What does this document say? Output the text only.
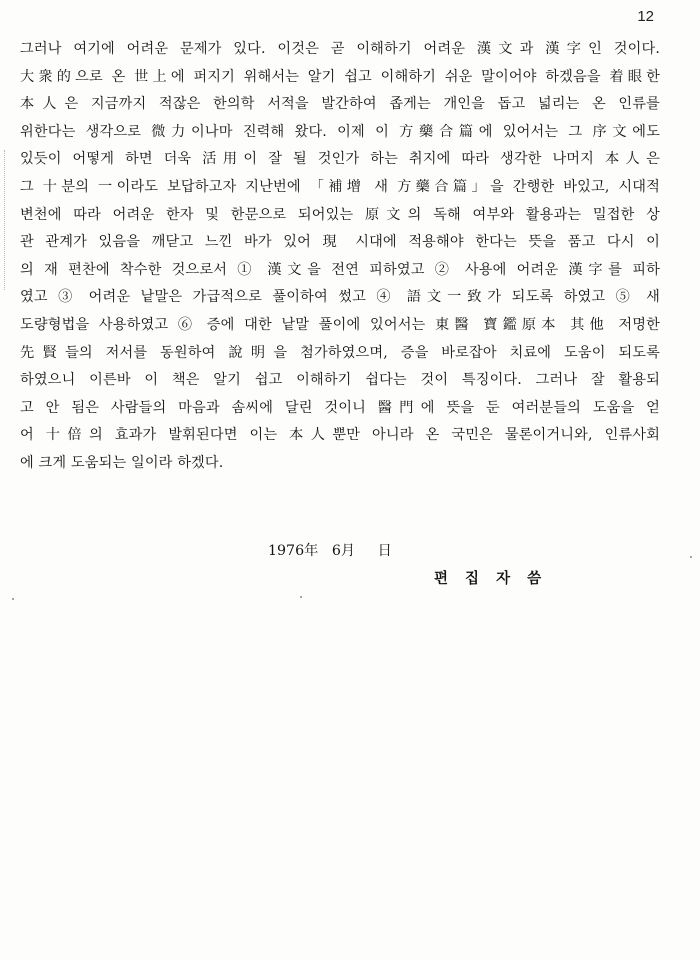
12
그러나 여기에 어려운 문제가 있다. 이것은 곧 이해하기 어려운 漢文과 漢字인 것이다.
大衆的으로 온 世上에 퍼지기 위해서는 알기 쉽고 이해하기 쉬운 말이어야 하겠음을 着眼한
本人은 지금까지 적잖은 한의학 서적을 발간하여 좁게는 개인을 돕고 넓리는 온 인류를
위한다는 생각으로 微力이나마 진력해 왔다. 이제 이 方藥合篇에 있어서는 그 序文에도
있듯이 어떻게 하면 더욱 活用이 잘 될 것인가 하는 취지에 따라 생각한 나머지 本人은
그 十분의 一이라도 보답하고자 지난번에 「補增 새 方藥合篇」을 간행한 바있고, 시대적
변천에 따라 어려운 한자 및 한문으로 되어있는 原文의 독해 여부와 활용과는 밀접한 상
관 관계가 있음을 깨닫고 느낀 바가 있어 現 시대에 적용해야 한다는 뜻을 품고 다시 이
의 재 편찬에 착수한 것으로서 ① 漢文을 전연 피하였고 ② 사용에 어려운 漢字를 피하
였고 ③ 어려운 낱말은 가급적으로 풀이하여 썼고 ④ 語文一致가 되도록 하였고 ⑤ 새
도량형법을 사용하였고 ⑥ 증에 대한 낱말 풀이에 있어서는 東醫 寶鑑原本 其他 저명한
先賢들의 저서를 동원하여 說明을 첨가하였으며, 증을 바로잡아 치료에 도움이 되도록
하였으니 이른바 이 책은 알기 쉽고 이해하기 쉽다는 것이 특징이다. 그러나 잘 활용되
고 안 됨은 사람들의 마음과 솜씨에 달린 것이니 醫門에 뜻을 둔 여러분들의 도움을 얻
어 十倍의 효과가 발휘된다면 이는 本人뿐만 아니라 온 국민은 물론이거니와, 인류사회
에 크게 도움되는 일이라 하겠다.
1976年   6月     日
편 집 자 씀
